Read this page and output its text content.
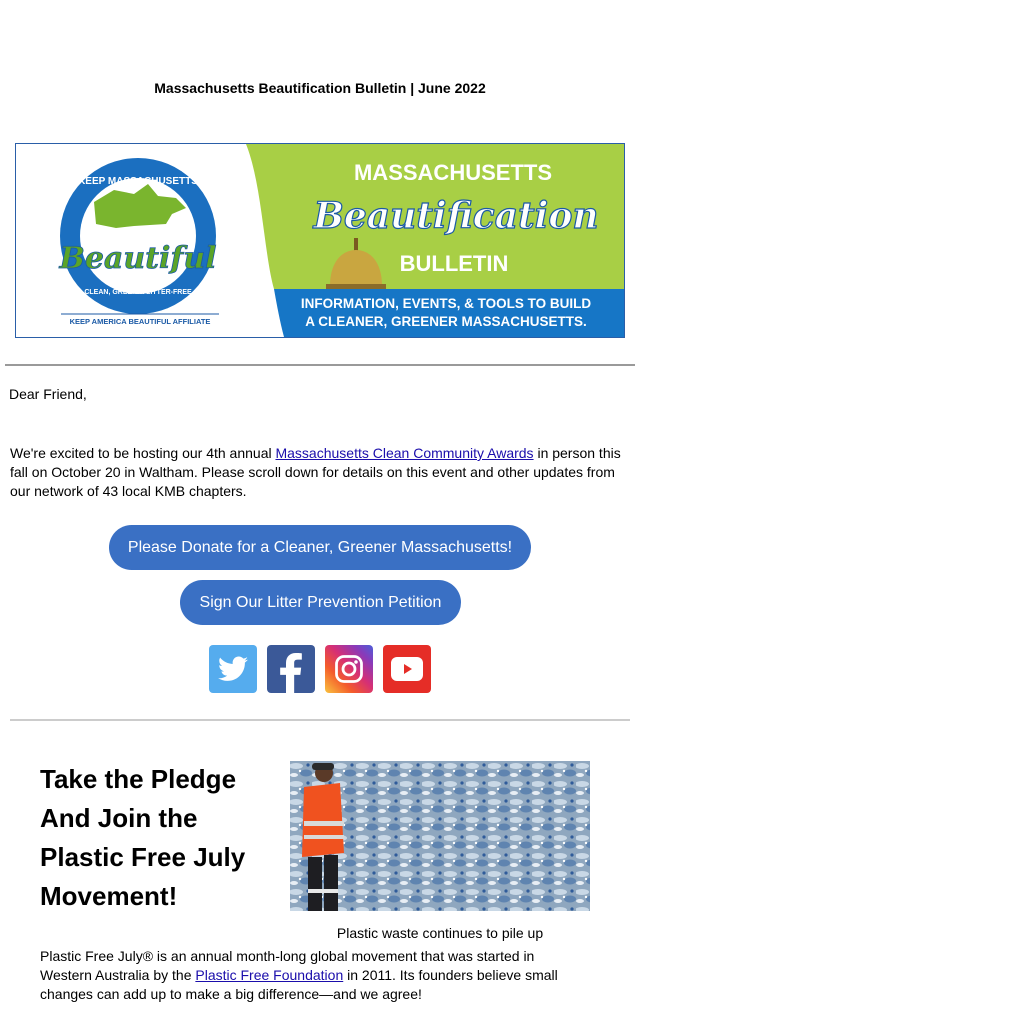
Massachusetts Beautification Bulletin | June 2022
Beautiful
KEEP MASSACHUSETTS
CLEAN, GREEN & LITTER-FREE
KEEP AMERICA BEAUTIFUL AFFILIATE
MASSACHUSETTS
Beautification
BULLETIN
INFORMATION, EVENTS, & TOOLS TO BUILD
A CLEANER, GREENER MASSACHUSETTS.
Dear Friend,
We're excited to be hosting our 4th annual Massachusetts Clean Community Awards in person this fall on October 20 in Waltham. Please scroll down for details on this event and other updates from our network of 43 local KMB chapters.
Please Donate for a Cleaner, Greener Massachusetts!
Sign Our Litter Prevention Petition
Take the Pledge And Join the Plastic Free July Movement!
Plastic waste continues to pile up
Plastic Free July® is an annual month-long global movement that was started in Western Australia by the Plastic Free Foundation in 2011. Its founders believe small changes can add up to make a big difference—and we agree!
